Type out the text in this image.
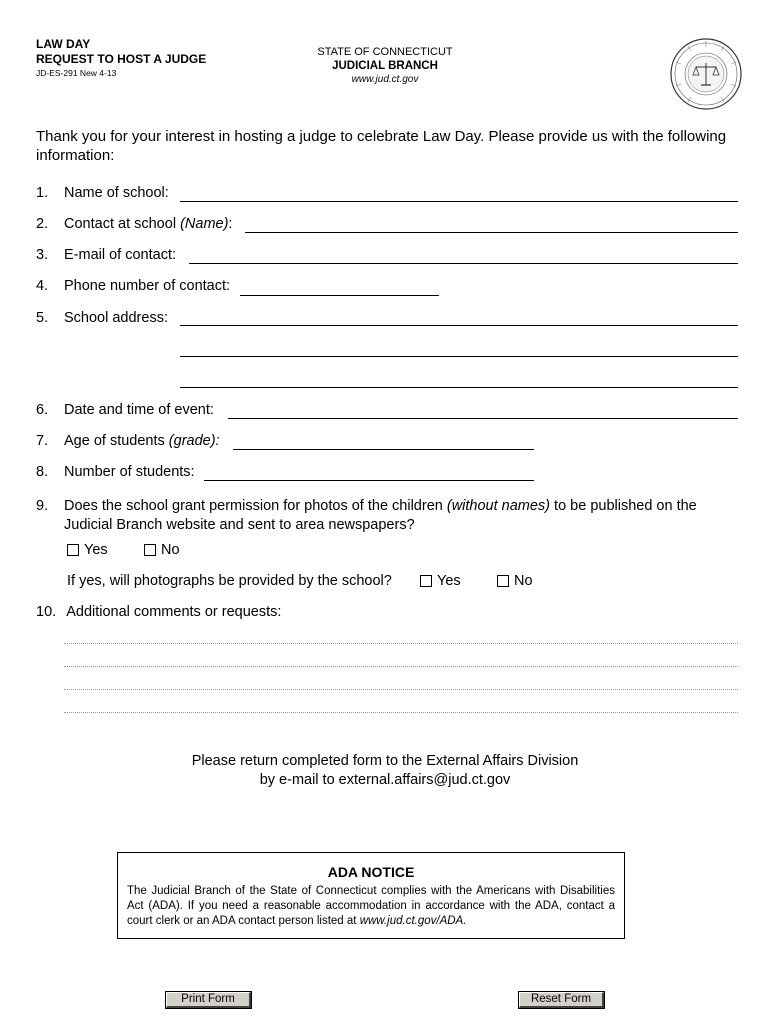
LAW DAY
REQUEST TO HOST A JUDGE
JD-ES-291 New 4-13
STATE OF CONNECTICUT
JUDICIAL BRANCH
www.jud.ct.gov
Thank you for your interest in hosting a judge to celebrate Law Day. Please provide us with the following information:
1. Name of school:
2. Contact at school (Name):
3. E-mail of contact:
4. Phone number of contact:
5. School address:
6. Date and time of event:
7. Age of students (grade):
8. Number of students:
9. Does the school grant permission for photos of the children (without names) to be published on the
Judicial Branch website and sent to area newspapers?
Yes	No
If yes, will photographs be provided by the school?	Yes	No
10. Additional comments or requests:
Please return completed form to the External Affairs Division
by e-mail to external.affairs@jud.ct.gov
ADA NOTICE
The Judicial Branch of the State of Connecticut complies with the Americans with Disabilities Act (ADA). If you need a reasonable accommodation in accordance with the ADA, contact a court clerk or an ADA contact person listed at www.jud.ct.gov/ADA.
Print Form	Reset Form
